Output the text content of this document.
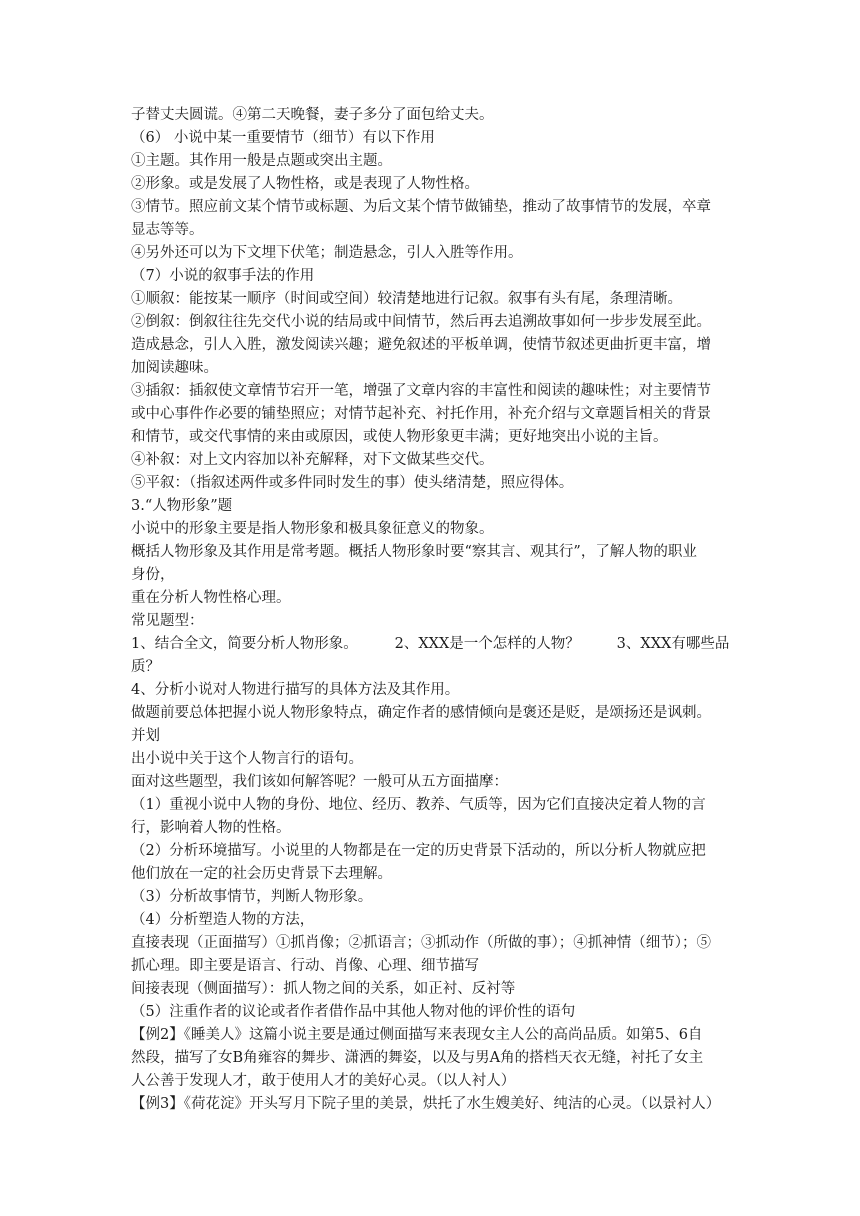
子替丈夫圆谎。④第二天晚餐，妻子多分了面包给丈夫。
（6） 小说中某一重要情节（细节）有以下作用
①主题。其作用一般是点题或突出主题。
②形象。或是发展了人物性格，或是表现了人物性格。
③情节。照应前文某个情节或标题、为后文某个情节做铺垫，推动了故事情节的发展，卒章
显志等等。
④另外还可以为下文埋下伏笔；制造悬念，引人入胜等作用。
（7）小说的叙事手法的作用
①顺叙：能按某一顺序（时间或空间）较清楚地进行记叙。叙事有头有尾，条理清晰。
②倒叙：倒叙往往先交代小说的结局或中间情节，然后再去追溯故事如何一步步发展至此。
造成悬念，引人入胜，激发阅读兴趣；避免叙述的平板单调，使情节叙述更曲折更丰富，增
加阅读趣味。
③插叙：插叙使文章情节宕开一笔，增强了文章内容的丰富性和阅读的趣味性；对主要情节
或中心事件作必要的铺垫照应；对情节起补充、衬托作用，补充介绍与文章题旨相关的背景
和情节，或交代事情的来由或原因，或使人物形象更丰满；更好地突出小说的主旨。
④补叙：对上文内容加以补充解释，对下文做某些交代。
⑤平叙：（指叙述两件或多件同时发生的事）使头绪清楚，照应得体。
3.“人物形象”题
小说中的形象主要是指人物形象和极具象征意义的物象。
概括人物形象及其作用是常考题。概括人物形象时要“察其言、观其行”，了解人物的职业
身份，
重在分析人物性格心理。
常见题型：
1、结合全文，简要分析人物形象。        2、XXX是一个怎样的人物？        3、XXX有哪些品
质？
4、分析小说对人物进行描写的具体方法及其作用。
做题前要总体把握小说人物形象特点，确定作者的感情倾向是褒还是贬，是颂扬还是讽刺。
并划
出小说中关于这个人物言行的语句。
面对这些题型，我们该如何解答呢？一般可从五方面描摩：
（1）重视小说中人物的身份、地位、经历、教养、气质等，因为它们直接决定着人物的言
行，影响着人物的性格。
（2）分析环境描写。小说里的人物都是在一定的历史背景下活动的，所以分析人物就应把
他们放在一定的社会历史背景下去理解。
（3）分析故事情节，判断人物形象。
（4）分析塑造人物的方法，
直接表现（正面描写）①抓肖像；②抓语言；③抓动作（所做的事）；④抓神情（细节）；⑤
抓心理。即主要是语言、行动、肖像、心理、细节描写
间接表现（侧面描写）：抓人物之间的关系，如正衬、反衬等
（5）注重作者的议论或者作者借作品中其他人物对他的评价性的语句
【例2】《睡美人》这篇小说主要是通过侧面描写来表现女主人公的高尚品质。如第5、6自
然段，描写了女B角雍容的舞步、潇洒的舞姿，以及与男A角的搭档天衣无缝，衬托了女主
人公善于发现人才，敢于使用人才的美好心灵。（以人衬人）
【例3】《荷花淀》开头写月下院子里的美景，烘托了水生嫂美好、纯洁的心灵。（以景衬人）
